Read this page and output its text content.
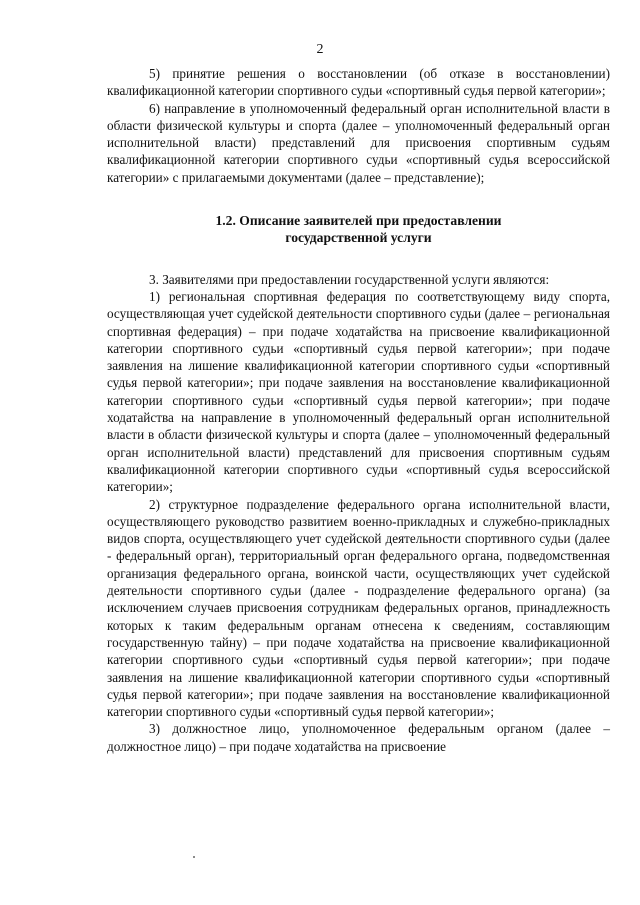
2

5) принятие решения о восстановлении (об отказе в восстановлении) квалификационной категории спортивного судьи «спортивный судья первой категории»;

6) направление в уполномоченный федеральный орган исполнительной власти в области физической культуры и спорта (далее – уполномоченный федеральный орган исполнительной власти) представлений для присвоения спортивным судьям квалификационной категории спортивного судьи «спортивный судья всероссийской категории» с прилагаемыми документами (далее – представление);

1.2. Описание заявителей при предоставлении
государственной услуги

3. Заявителями при предоставлении государственной услуги являются:

1) региональная спортивная федерация по соответствующему виду спорта, осуществляющая учет судейской деятельности спортивного судьи (далее – региональная спортивная федерация) – при подаче ходатайства на присвоение квалификационной категории спортивного судьи «спортивный судья первой категории»; при подаче заявления на лишение квалификационной категории спортивного судьи «спортивный судья первой категории»; при подаче заявления на восстановление квалификационной категории спортивного судьи «спортивный судья первой категории»; при подаче ходатайства на направление в уполномоченный федеральный орган исполнительной власти в области физической культуры и спорта (далее – уполномоченный федеральный орган исполнительной власти) представлений для присвоения спортивным судьям квалификационной категории спортивного судьи «спортивный судья всероссийской категории»;

2) структурное подразделение федерального органа исполнительной власти, осуществляющего руководство развитием военно-прикладных и служебно-прикладных видов спорта, осуществляющего учет судейской деятельности спортивного судьи (далее - федеральный орган), территориальный орган федерального органа, подведомственная организация федерального органа, воинской части, осуществляющих учет судейской деятельности спортивного судьи (далее - подразделение федерального органа) (за исключением случаев присвоения сотрудникам федеральных органов, принадлежность которых к таким федеральным органам отнесена к сведениям, составляющим государственную тайну) – при подаче ходатайства на присвоение квалификационной категории спортивного судьи «спортивный судья первой категории»; при подаче заявления на лишение квалификационной категории спортивного судьи «спортивный судья первой категории»; при подаче заявления на восстановление квалификационной категории спортивного судьи «спортивный судья первой категории»;

3) должностное лицо, уполномоченное федеральным органом (далее – должностное лицо) – при подаче ходатайства на присвоение
